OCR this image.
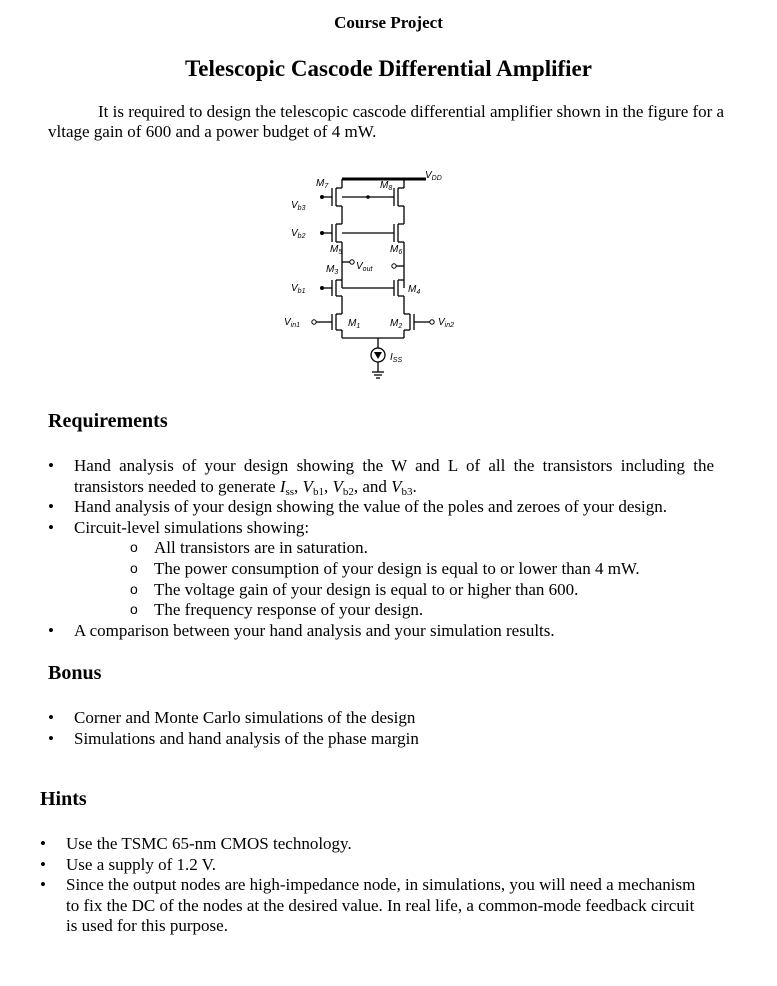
Course Project
Telescopic Cascode Differential Amplifier
It is required to design the telescopic cascode differential amplifier shown in the figure for a vltage gain of 600 and a power budget of 4 mW.
$V_{DD}$
$M_7$	$M_8$
$V_{b3}$
$V_{b2}$
$M_5$	$M_6$
$M_3$
$V_{out}$
$V_{b1}$	$M_4$
$V_{in1}$	$M_1$	$M_2$	$V_{in2}$
$I_{SS}$
Requirements
• Hand analysis of your design showing the W and L of all the transistors including the transistors needed to generate $I_{ss}$, $V_{b1}$, $V_{b2}$, and $V_{b3}$.
• Hand analysis of your design showing the value of the poles and zeroes of your design.
• Circuit-level simulations showing:
o All transistors are in saturation.
o The power consumption of your design is equal to or lower than 4 mW.
o The voltage gain of your design is equal to or higher than 600.
o The frequency response of your design.
• A comparison between your hand analysis and your simulation results.
Bonus
• Corner and Monte Carlo simulations of the design
• Simulations and hand analysis of the phase margin
Hints
• Use the TSMC 65-nm CMOS technology.
• Use a supply of 1.2 V.
• Since the output nodes are high-impedance node, in simulations, you will need a mechanism to fix the DC of the nodes at the desired value. In real life, a common-mode feedback circuit is used for this purpose.
